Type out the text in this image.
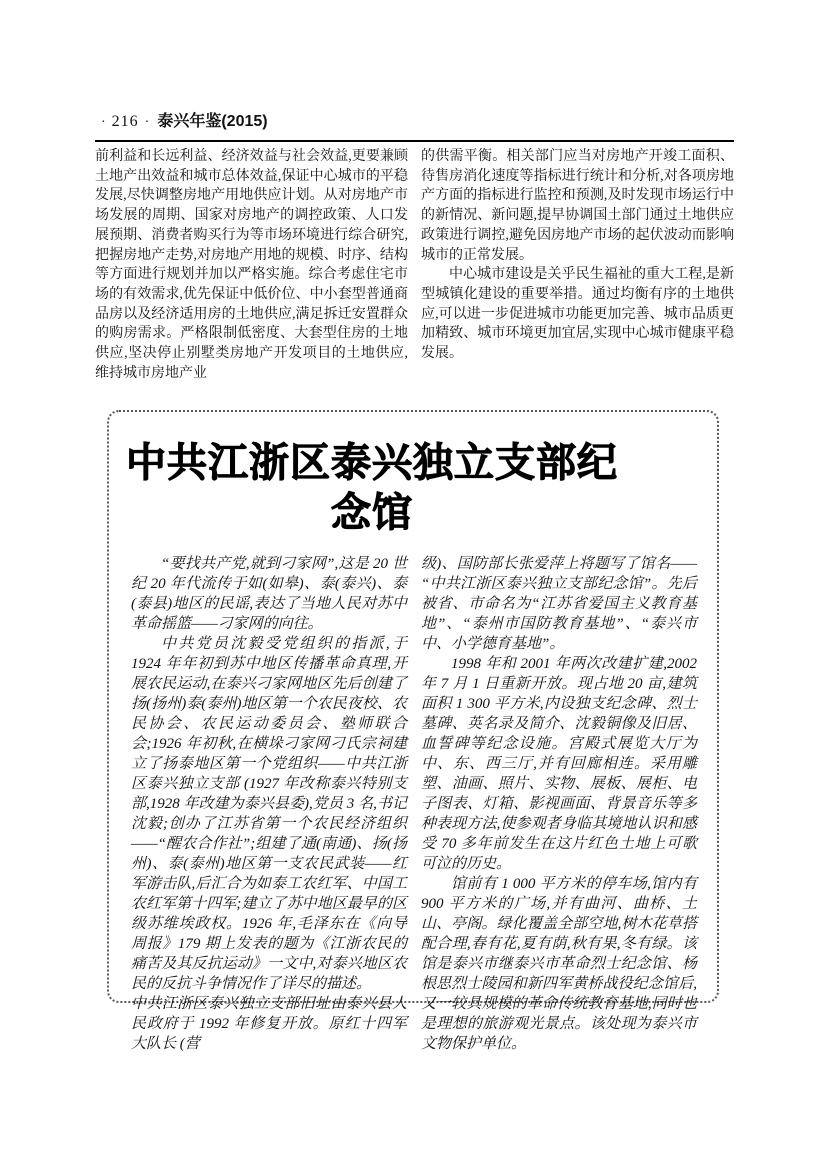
· 216 · 泰兴年鉴(2015)

前利益和长远利益、经济效益与社会效益,更要兼顾土地产出效益和城市总体效益,保证中心城市的平稳发展,尽快调整房地产用地供应计划。从对房地产市场发展的周期、国家对房地产的调控政策、人口发展预期、消费者购买行为等市场环境进行综合研究,把握房地产走势,对房地产用地的规模、时序、结构等方面进行规划并加以严格实施。综合考虑住宅市场的有效需求,优先保证中低价位、中小套型普通商品房以及经济适用房的土地供应,满足拆迁安置群众的购房需求。严格限制低密度、大套型住房的土地供应,坚决停止别墅类房地产开发项目的土地供应,维持城市房地产业

的供需平衡。相关部门应当对房地产开竣工面积、待售房消化速度等指标进行统计和分析,对各项房地产方面的指标进行监控和预测,及时发现市场运行中的新情况、新问题,提早协调国土部门通过土地供应政策进行调控,避免因房地产市场的起伏波动而影响城市的正常发展。

中心城市建设是关乎民生福祉的重大工程,是新型城镇化建设的重要举措。通过均衡有序的土地供应,可以进一步促进城市功能更加完善、城市品质更加精致、城市环境更加宜居,实现中心城市健康平稳发展。

中共江浙区泰兴独立支部纪念馆

“要找共产党,就到刁家网”,这是 20 世纪 20 年代流传于如(如皋)、泰(泰兴)、泰(泰县)地区的民谣,表达了当地人民对苏中革命摇篮——刁家网的向往。

中共党员沈毅受党组织的指派,于 1924 年年初到苏中地区传播革命真理,开展农民运动,在泰兴刁家网地区先后创建了扬(扬州)泰(泰州)地区第一个农民夜校、农民协会、农民运动委员会、塾师联合会;1926 年初秋,在横垛刁家网刁氏宗祠建立了扬泰地区第一个党组织——中共江浙区泰兴独立支部 (1927 年改称泰兴特别支部,1928 年改建为泰兴县委),党员 3 名,书记沈毅;创办了江苏省第一个农民经济组织——“醒农合作社”;组建了通(南通)、扬(扬州)、泰(泰州)地区第一支农民武装——红军游击队,后汇合为如泰工农红军、中国工农红军第十四军;建立了苏中地区最早的区级苏维埃政权。1926 年,毛泽东在《向导周报》179 期上发表的题为《江浙农民的痛苦及其反抗运动》一文中,对泰兴地区农民的反抗斗争情况作了详尽的描述。

中共江浙区泰兴独立支部旧址由泰兴县人民政府于 1992 年修复开放。原红十四军大队长 (营

级)、国防部长张爱萍上将题写了馆名——“中共江浙区泰兴独立支部纪念馆”。先后被省、市命名为“江苏省爱国主义教育基地”、“泰州市国防教育基地”、“泰兴市中、小学德育基地”。

1998 年和 2001 年两次改建扩建,2002 年 7 月 1 日重新开放。现占地 20 亩,建筑面积 1 300 平方米,内设独支纪念碑、烈士墓碑、英名录及简介、沈毅铜像及旧居、血誓碑等纪念设施。宫殿式展览大厅为中、东、西三厅,并有回廊相连。采用雕塑、油画、照片、实物、展板、展柜、电子图表、灯箱、影视画面、背景音乐等多种表现方法,使参观者身临其境地认识和感受 70 多年前发生在这片红色土地上可歌可泣的历史。

馆前有 1 000 平方米的停车场,馆内有 900 平方米的广场,并有曲河、曲桥、土山、亭阁。绿化覆盖全部空地,树木花草搭配合理,春有花,夏有荫,秋有果,冬有绿。该馆是泰兴市继泰兴市革命烈士纪念馆、杨根思烈士陵园和新四军黄桥战役纪念馆后,又一较具规模的革命传统教育基地,同时也是理想的旅游观光景点。该处现为泰兴市文物保护单位。
